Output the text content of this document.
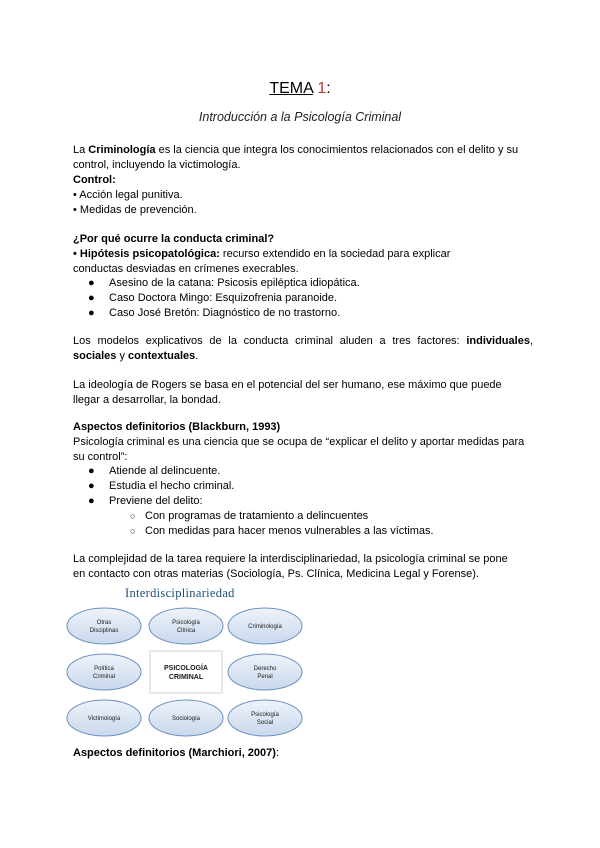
TEMA 1:
Introducción a la Psicología Criminal
La Criminología es la ciencia que integra los conocimientos relacionados con el delito y su
control, incluyendo la victimología.
Control:
• Acción legal punitiva.
• Medidas de prevención.
¿Por qué ocurre la conducta criminal?
• Hipótesis psicopatológica: recurso extendido en la sociedad para explicar
conductas desviadas en crímenes execrables.
● Asesino de la catana: Psicosis epiléptica idiopática.
● Caso Doctora Mingo: Esquizofrenia paranoide.
● Caso José Bretón: Diagnóstico de no trastorno.
Los modelos explicativos de la conducta criminal aluden a tres factores: individuales, sociales y contextuales.
La ideología de Rogers se basa en el potencial del ser humano, ese máximo que puede
llegar a desarrollar, la bondad.
Aspectos definitorios (Blackburn, 1993)
Psicología criminal es una ciencia que se ocupa de “explicar el delito y aportar medidas para
su control”:
● Atiende al delincuente.
● Estudia el hecho criminal.
● Previene del delito:
○ Con programas de tratamiento a delincuentes
○ Con medidas para hacer menos vulnerables a las víctimas.
La complejidad de la tarea requiere la interdisciplinariedad, la psicología criminal se pone
en contacto con otras materias (Sociología, Ps. Clínica, Medicina Legal y Forense).
Interdisciplinariedad
Otras
Disciplinas
Psicología
Clínica
Criminología
Política
Criminal
PSICOLOGÍA
CRIMINAL
Derecho
Penal
Victimología	Sociología
Psicología
Social
Aspectos definitorios (Marchiori, 2007):
